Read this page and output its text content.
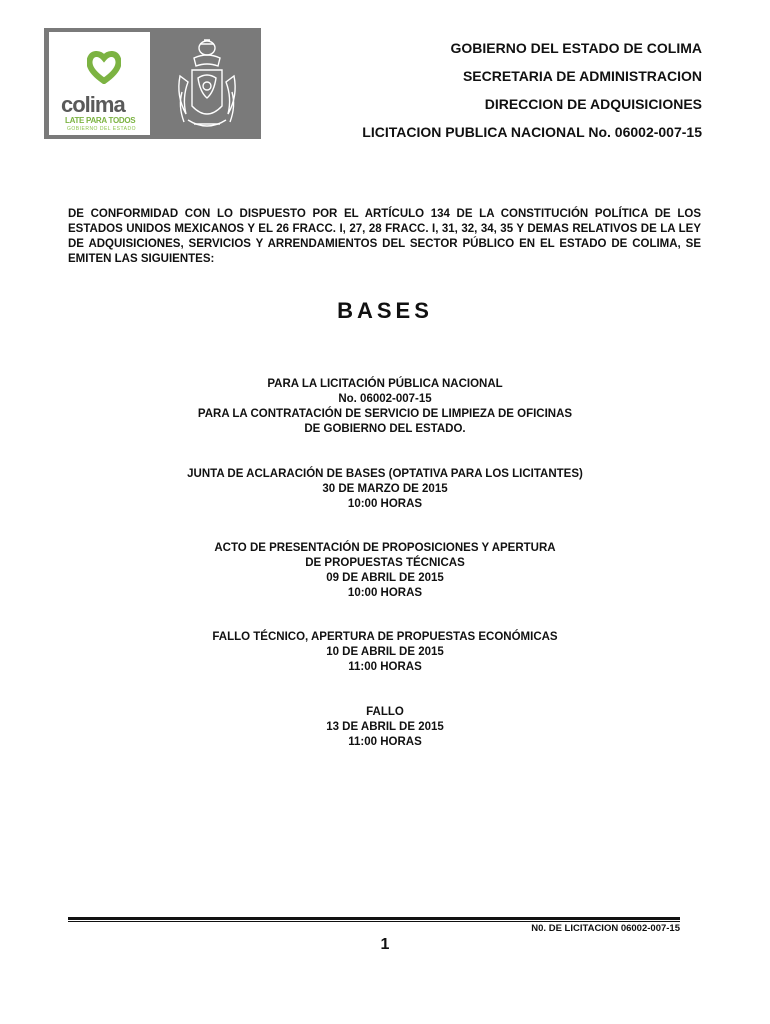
colima
LATE PARA TODOS
GOBIERNO DEL ESTADO
GOBIERNO DEL ESTADO DE COLIMA
SECRETARIA DE ADMINISTRACION
DIRECCION DE ADQUISICIONES
LICITACION PUBLICA NACIONAL No. 06002-007-15
DE CONFORMIDAD CON LO DISPUESTO POR EL ARTÍCULO 134 DE LA CONSTITUCIÓN POLÍTICA DE LOS ESTADOS UNIDOS MEXICANOS Y EL 26 FRACC. I, 27, 28 FRACC. I, 31, 32, 34, 35 Y DEMAS RELATIVOS DE LA LEY DE ADQUISICIONES, SERVICIOS Y ARRENDAMIENTOS DEL SECTOR PÚBLICO EN EL ESTADO DE COLIMA, SE EMITEN LAS SIGUIENTES:
BASES
PARA LA LICITACIÓN PÚBLICA NACIONAL
No. 06002-007-15
PARA LA CONTRATACIÓN DE SERVICIO DE LIMPIEZA DE OFICINAS
DE GOBIERNO DEL ESTADO.
JUNTA DE ACLARACIÓN DE BASES (OPTATIVA PARA LOS LICITANTES)
30 DE MARZO DE 2015
10:00 HORAS
ACTO DE PRESENTACIÓN DE PROPOSICIONES Y APERTURA
DE PROPUESTAS TÉCNICAS
09 DE ABRIL DE 2015
10:00 HORAS
FALLO TÉCNICO, APERTURA DE PROPUESTAS ECONÓMICAS
10 DE ABRIL DE 2015
11:00 HORAS
FALLO
13 DE ABRIL DE 2015
11:00 HORAS
N0. DE LICITACION 06002-007-15
1
